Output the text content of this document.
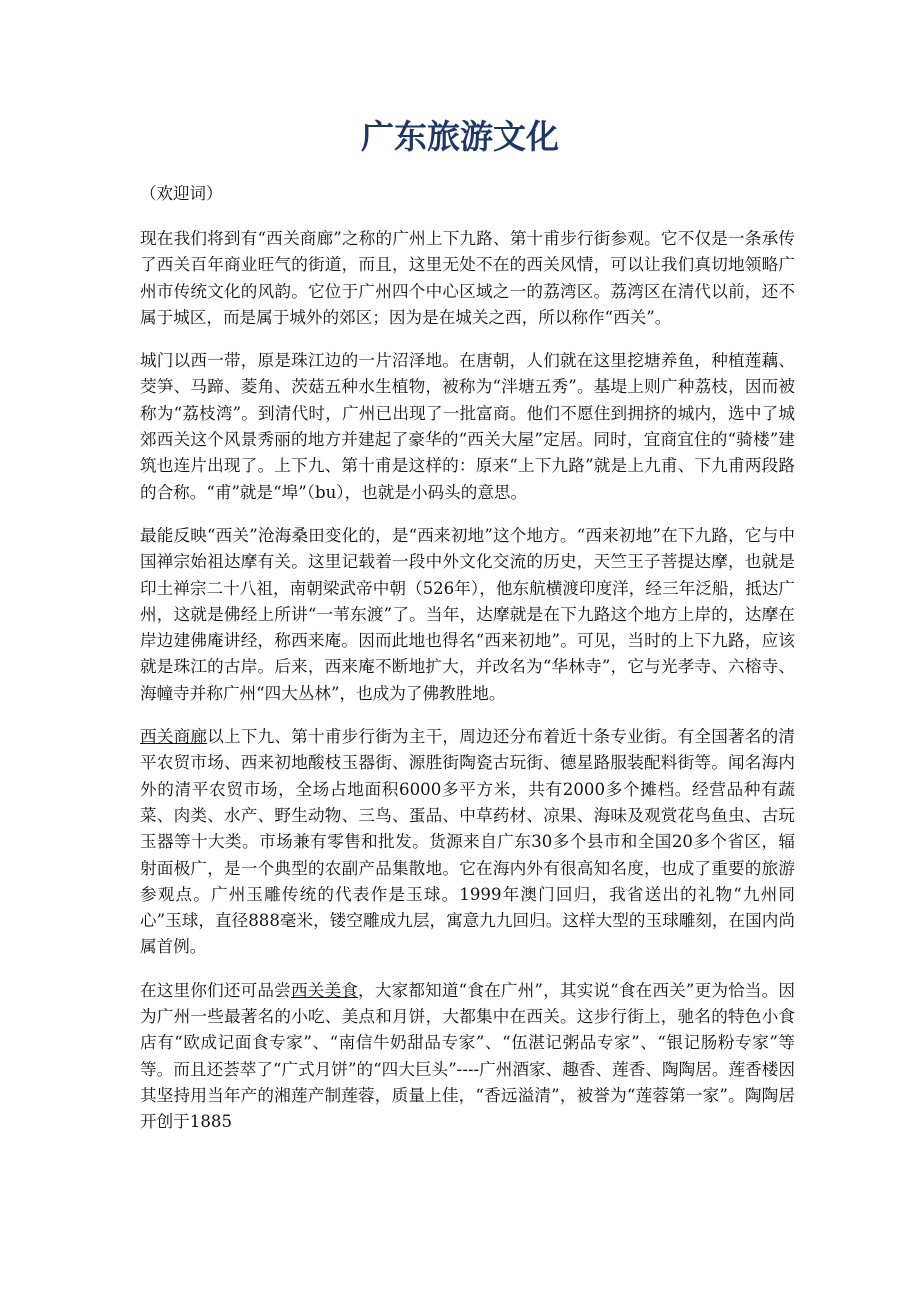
广东旅游文化

（欢迎词）

现在我们将到有“西关商廊”之称的广州上下九路、第十甫步行街参观。它不仅是一条承传了西关百年商业旺气的街道，而且，这里无处不在的西关风情，可以让我们真切地领略广州市传统文化的风韵。它位于广州四个中心区域之一的荔湾区。荔湾区在清代以前，还不属于城区，而是属于城外的郊区；因为是在城关之西，所以称作“西关”。

城门以西一带，原是珠江边的一片沼泽地。在唐朝，人们就在这里挖塘养鱼，种植莲藕、茭笋、马蹄、菱角、茨菇五种水生植物，被称为“泮塘五秀”。基堤上则广种荔枝，因而被称为“荔枝湾”。到清代时，广州已出现了一批富商。他们不愿住到拥挤的城内，选中了城郊西关这个风景秀丽的地方并建起了豪华的“西关大屋”定居。同时，宜商宜住的“骑楼”建筑也连片出现了。上下九、第十甫是这样的：原来“上下九路”就是上九甫、下九甫两段路的合称。“甫”就是“埠”（bu），也就是小码头的意思。

最能反映“西关”沧海桑田变化的，是“西来初地”这个地方。“西来初地”在下九路，它与中国禅宗始祖达摩有关。这里记载着一段中外文化交流的历史，天竺王子菩提达摩，也就是印土禅宗二十八祖，南朝梁武帝中朝（526年），他东航横渡印度洋，经三年泛船，抵达广州，这就是佛经上所讲“一苇东渡”了。当年，达摩就是在下九路这个地方上岸的，达摩在岸边建佛庵讲经，称西来庵。因而此地也得名“西来初地”。可见，当时的上下九路，应该就是珠江的古岸。后来，西来庵不断地扩大，并改名为“华林寺”，它与光孝寺、六榕寺、海幢寺并称广州“四大丛林”，也成为了佛教胜地。

西关商廊以上下九、第十甫步行街为主干，周边还分布着近十条专业街。有全国著名的清平农贸市场、西来初地酸枝玉器街、源胜街陶瓷古玩街、德星路服装配料街等。闻名海内外的清平农贸市场，全场占地面积6000多平方米，共有2000多个摊档。经营品种有蔬菜、肉类、水产、野生动物、三鸟、蛋品、中草药材、凉果、海味及观赏花鸟鱼虫、古玩玉器等十大类。市场兼有零售和批发。货源来自广东30多个县市和全国20多个省区，辐射面极广，是一个典型的农副产品集散地。它在海内外有很高知名度，也成了重要的旅游参观点。广州玉雕传统的代表作是玉球。1999年澳门回归，我省送出的礼物“九州同心”玉球，直径888毫米，镂空雕成九层，寓意九九回归。这样大型的玉球雕刻，在国内尚属首例。

在这里你们还可品尝西关美食，大家都知道“食在广州”，其实说“食在西关”更为恰当。因为广州一些最著名的小吃、美点和月饼，大都集中在西关。这步行街上，驰名的特色小食店有“欧成记面食专家”、“南信牛奶甜品专家”、“伍湛记粥品专家”、“银记肠粉专家”等等。而且还荟萃了“广式月饼”的“四大巨头”----广州酒家、趣香、莲香、陶陶居。莲香楼因其坚持用当年产的湘莲产制莲蓉，质量上佳，“香远溢清”，被誉为“莲蓉第一家”。陶陶居开创于1885
